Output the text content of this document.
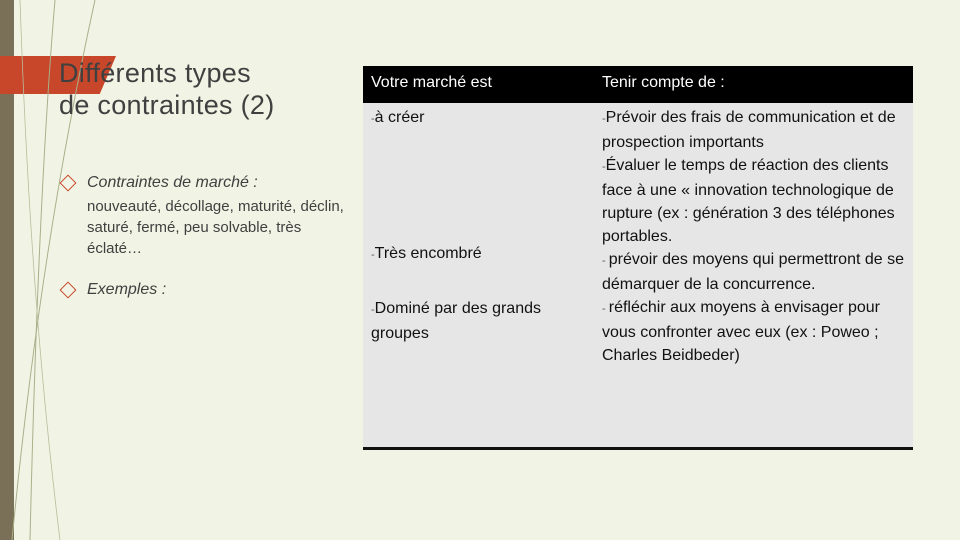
Différents types
de contraintes (2)
Contraintes de marché :
nouveauté, décollage, maturité, déclin, saturé, fermé, peu solvable, très éclaté…
Exemples :
Votre marché est	Tenir compte de :
-à créer
-Très encombré
-Dominé par des grands groupes
-Prévoir des frais de communication et de prospection importants
-Évaluer le temps de réaction des clients face à une « innovation technologique de rupture (ex : génération 3 des téléphones portables.
- prévoir des moyens qui permettront de se démarquer de la concurrence.
- réfléchir aux moyens à envisager pour vous confronter avec eux (ex : Poweo ; Charles Beidbeder)
